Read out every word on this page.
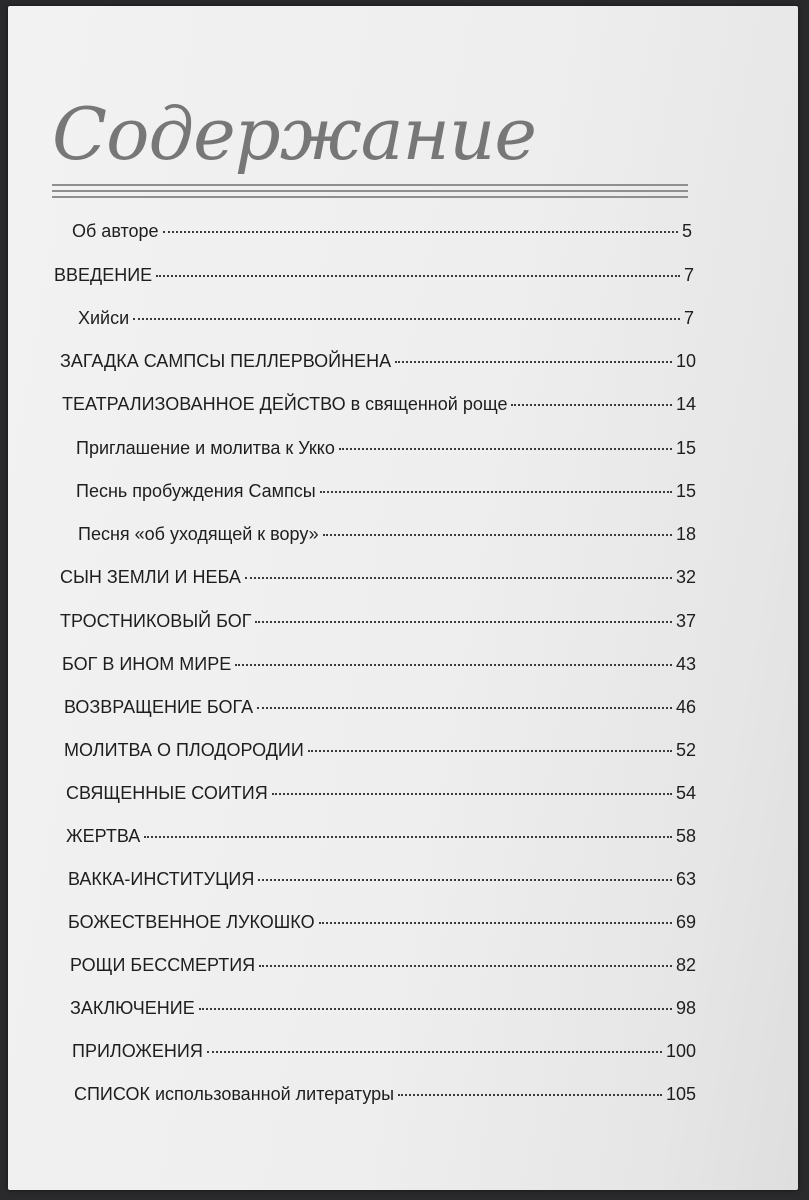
Содержание
Об авторе	5
ВВЕДЕНИЕ	7
Хийси	7
ЗАГАДКА САМПСЫ ПЕЛЛЕРВОЙНЕНА	10
ТЕАТРАЛИЗОВАННОЕ ДЕЙСТВО в священной роще	14
Приглашение и молитва к Укко	15
Песнь пробуждения Сампсы	15
Песня «об уходящей к вору»	18
СЫН ЗЕМЛИ И НЕБА	32
ТРОСТНИКОВЫЙ БОГ	37
БОГ В ИНОМ МИРЕ	43
ВОЗВРАЩЕНИЕ БОГА	46
МОЛИТВА О ПЛОДОРОДИИ	52
СВЯЩЕННЫЕ СОИТИЯ	54
ЖЕРТВА	58
ВАККА-ИНСТИТУЦИЯ	63
БОЖЕСТВЕННОЕ ЛУКОШКО	69
РОЩИ БЕССМЕРТИЯ	82
ЗАКЛЮЧЕНИЕ	98
ПРИЛОЖЕНИЯ	100
СПИСОК использованной литературы	105
